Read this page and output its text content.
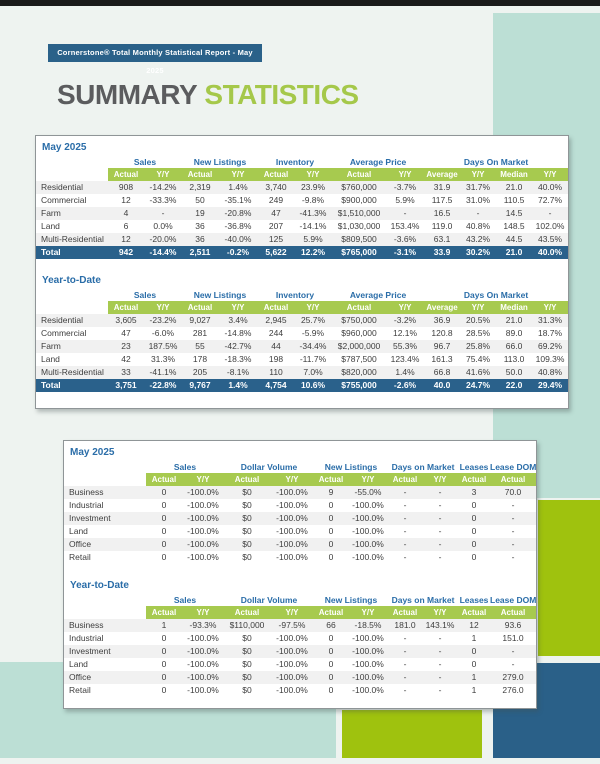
Cornerstone® Total Monthly Statistical Report - May 2025
SUMMARY STATISTICS
May 2025
	Sales		New Listings		Inventory		Average Price		Days On Market			
	Actual	Y/Y	Actual	Y/Y	Actual	Y/Y	Actual	Y/Y	Average	Y/Y	Median	Y/Y
Residential	908	-14.2%	2,319	1.4%	3,740	23.9%	$760,000	-3.7%	31.9	31.7%	21.0	40.0%
Commercial	12	-33.3%	50	-35.1%	249	-9.8%	$900,000	5.9%	117.5	31.0%	110.5	72.7%
Farm	4	-	19	-20.8%	47	-41.3%	$1,510,000	-	16.5	-	14.5	-
Land	6	0.0%	36	-36.8%	207	-14.1%	$1,030,000	153.4%	119.0	40.8%	148.5	102.0%
Multi-Residential	12	-20.0%	36	-40.0%	125	5.9%	$809,500	-3.6%	63.1	43.2%	44.5	43.5%
Total	942	-14.4%	2,511	-0.2%	5,622	12.2%	$765,000	-3.1%	33.9	30.2%	21.0	40.0%
Year-to-Date
	Sales		New Listings		Inventory		Average Price		Days On Market			
	Actual	Y/Y	Actual	Y/Y	Actual	Y/Y	Actual	Y/Y	Average	Y/Y	Median	Y/Y
Residential	3,605	-23.2%	9,027	3.4%	2,945	25.7%	$750,000	-3.2%	36.9	20.5%	21.0	31.3%
Commercial	47	-6.0%	281	-14.8%	244	-5.9%	$960,000	12.1%	120.8	28.5%	89.0	18.7%
Farm	23	187.5%	55	-42.7%	44	-34.4%	$2,000,000	55.3%	96.7	25.8%	66.0	69.2%
Land	42	31.3%	178	-18.3%	198	-11.7%	$787,500	123.4%	161.3	75.4%	113.0	109.3%
Multi-Residential	33	-41.1%	205	-8.1%	110	7.0%	$820,000	1.4%	66.8	41.6%	50.0	40.8%
Total	3,751	-22.8%	9,767	1.4%	4,754	10.6%	$755,000	-2.6%	40.0	24.7%	22.0	29.4%
May 2025
	Sales		Dollar Volume		New Listings		Days on Market		Leases	Lease DOM
	Actual	Y/Y	Actual	Y/Y	Actual	Y/Y	Actual	Y/Y	Actual	Actual
Business	0	-100.0%	$0	-100.0%	9	-55.0%	-	-	3	70.0
Industrial	0	-100.0%	$0	-100.0%	0	-100.0%	-	-	0	-
Investment	0	-100.0%	$0	-100.0%	0	-100.0%	-	-	0	-
Land	0	-100.0%	$0	-100.0%	0	-100.0%	-	-	0	-
Office	0	-100.0%	$0	-100.0%	0	-100.0%	-	-	0	-
Retail	0	-100.0%	$0	-100.0%	0	-100.0%	-	-	0	-
Year-to-Date
	Sales		Dollar Volume		New Listings		Days on Market		Leases	Lease DOM
	Actual	Y/Y	Actual	Y/Y	Actual	Y/Y	Actual	Y/Y	Actual	Actual
Business	1	-93.3%	$110,000	-97.5%	66	-18.5%	181.0	143.1%	12	93.6
Industrial	0	-100.0%	$0	-100.0%	0	-100.0%	-	-	1	151.0
Investment	0	-100.0%	$0	-100.0%	0	-100.0%	-	-	0	-
Land	0	-100.0%	$0	-100.0%	0	-100.0%	-	-	0	-
Office	0	-100.0%	$0	-100.0%	0	-100.0%	-	-	1	279.0
Retail	0	-100.0%	$0	-100.0%	0	-100.0%	-	-	1	276.0
